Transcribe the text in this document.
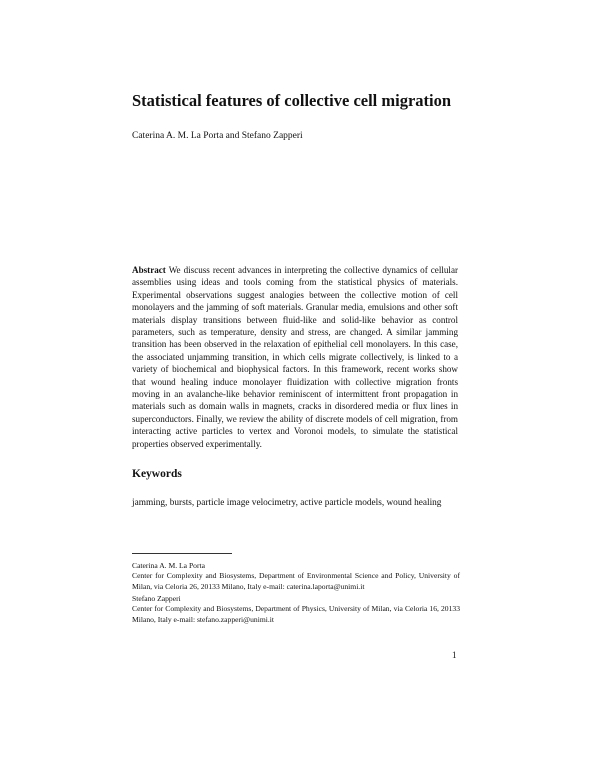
Statistical features of collective cell migration
Caterina A. M. La Porta and Stefano Zapperi

Abstract We discuss recent advances in interpreting the collective dynamics of cellular assemblies using ideas and tools coming from the statistical physics of materials. Experimental observations suggest analogies between the collective motion of cell monolayers and the jamming of soft materials. Granular media, emulsions and other soft materials display transitions between fluid-like and solid-like behavior as control parameters, such as temperature, density and stress, are changed. A similar jamming transition has been observed in the relaxation of epithelial cell monolayers. In this case, the associated unjamming transition, in which cells migrate collectively, is linked to a variety of biochemical and biophysical factors. In this framework, recent works show that wound healing induce monolayer fluidization with collective migration fronts moving in an avalanche-like behavior reminiscent of intermittent front propagation in materials such as domain walls in magnets, cracks in disordered media or flux lines in superconductors. Finally, we review the ability of discrete models of cell migration, from interacting active particles to vertex and Voronoi models, to simulate the statistical properties observed experimentally.

Keywords
jamming, bursts, particle image velocimetry, active particle models, wound healing
Caterina A. M. La Porta
Center for Complexity and Biosystems, Department of Environmental Science and Policy, University of Milan, via Celoria 26, 20133 Milano, Italy e-mail: caterina.laporta@unimi.it
Stefano Zapperi
Center for Complexity and Biosystems, Department of Physics, University of Milan, via Celoria 16, 20133 Milano, Italy e-mail: stefano.zapperi@unimi.it
1
